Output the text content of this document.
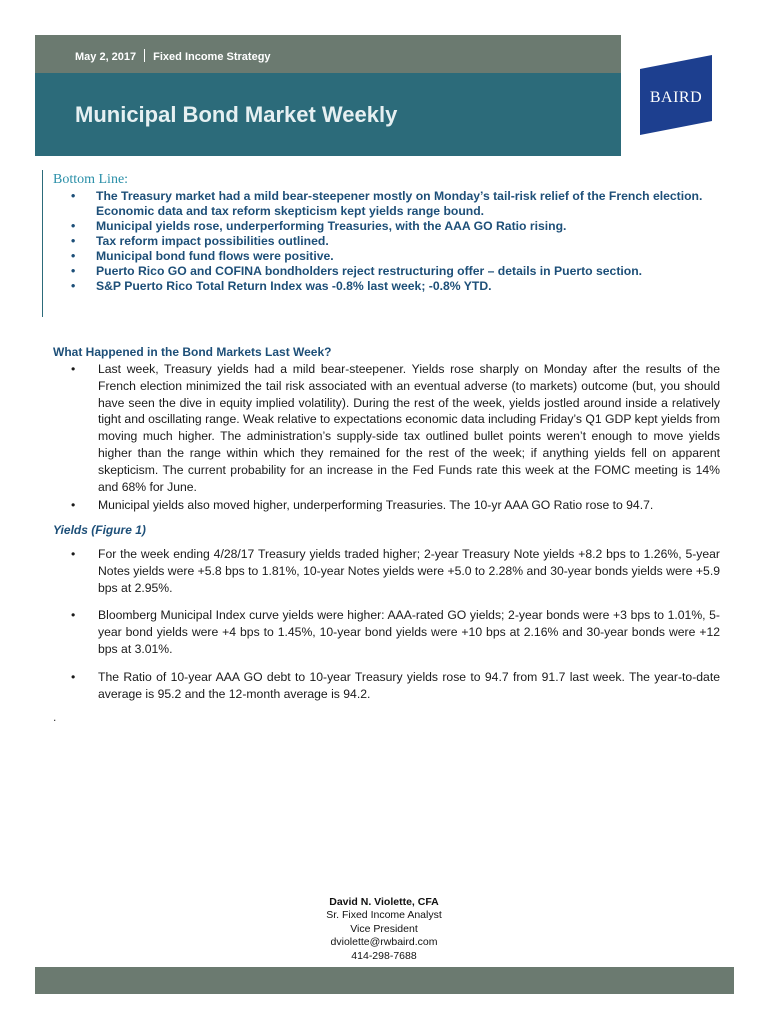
May 2, 2017 Fixed Income Strategy
Municipal Bond Market Weekly
BAIRD
Bottom Line:
• The Treasury market had a mild bear-steepener mostly on Monday’s tail-risk relief of the French election. Economic data and tax reform skepticism kept yields range bound.
• Municipal yields rose, underperforming Treasuries, with the AAA GO Ratio rising.
• Tax reform impact possibilities outlined.
• Municipal bond fund flows were positive.
• Puerto Rico GO and COFINA bondholders reject restructuring offer – details in Puerto section.
• S&P Puerto Rico Total Return Index was -0.8% last week; -0.8% YTD.
What Happened in the Bond Markets Last Week?
• Last week, Treasury yields had a mild bear-steepener. Yields rose sharply on Monday after the results of the French election minimized the tail risk associated with an eventual adverse (to markets) outcome (but, you should have seen the dive in equity implied volatility). During the rest of the week, yields jostled around inside a relatively tight and oscillating range. Weak relative to expectations economic data including Friday’s Q1 GDP kept yields from moving much higher. The administration’s supply-side tax outlined bullet points weren’t enough to move yields higher than the range within which they remained for the rest of the week; if anything yields fell on apparent skepticism. The current probability for an increase in the Fed Funds rate this week at the FOMC meeting is 14% and 68% for June.
• Municipal yields also moved higher, underperforming Treasuries. The 10-yr AAA GO Ratio rose to 94.7.
Yields (Figure 1)
• For the week ending 4/28/17 Treasury yields traded higher; 2-year Treasury Note yields +8.2 bps to 1.26%, 5-year Notes yields were +5.8 bps to 1.81%, 10-year Notes yields were +5.0 to 2.28% and 30-year bonds yields were +5.9 bps at 2.95%.
• Bloomberg Municipal Index curve yields were higher: AAA-rated GO yields; 2-year bonds were +3 bps to 1.01%, 5-year bond yields were +4 bps to 1.45%, 10-year bond yields were +10 bps at 2.16% and 30-year bonds were +12 bps at 3.01%.
• The Ratio of 10-year AAA GO debt to 10-year Treasury yields rose to 94.7 from 91.7 last week. The year-to-date average is 95.2 and the 12-month average is 94.2.
.
David N. Violette, CFA
Sr. Fixed Income Analyst
Vice President
dviolette@rwbaird.com
414-298-7688
